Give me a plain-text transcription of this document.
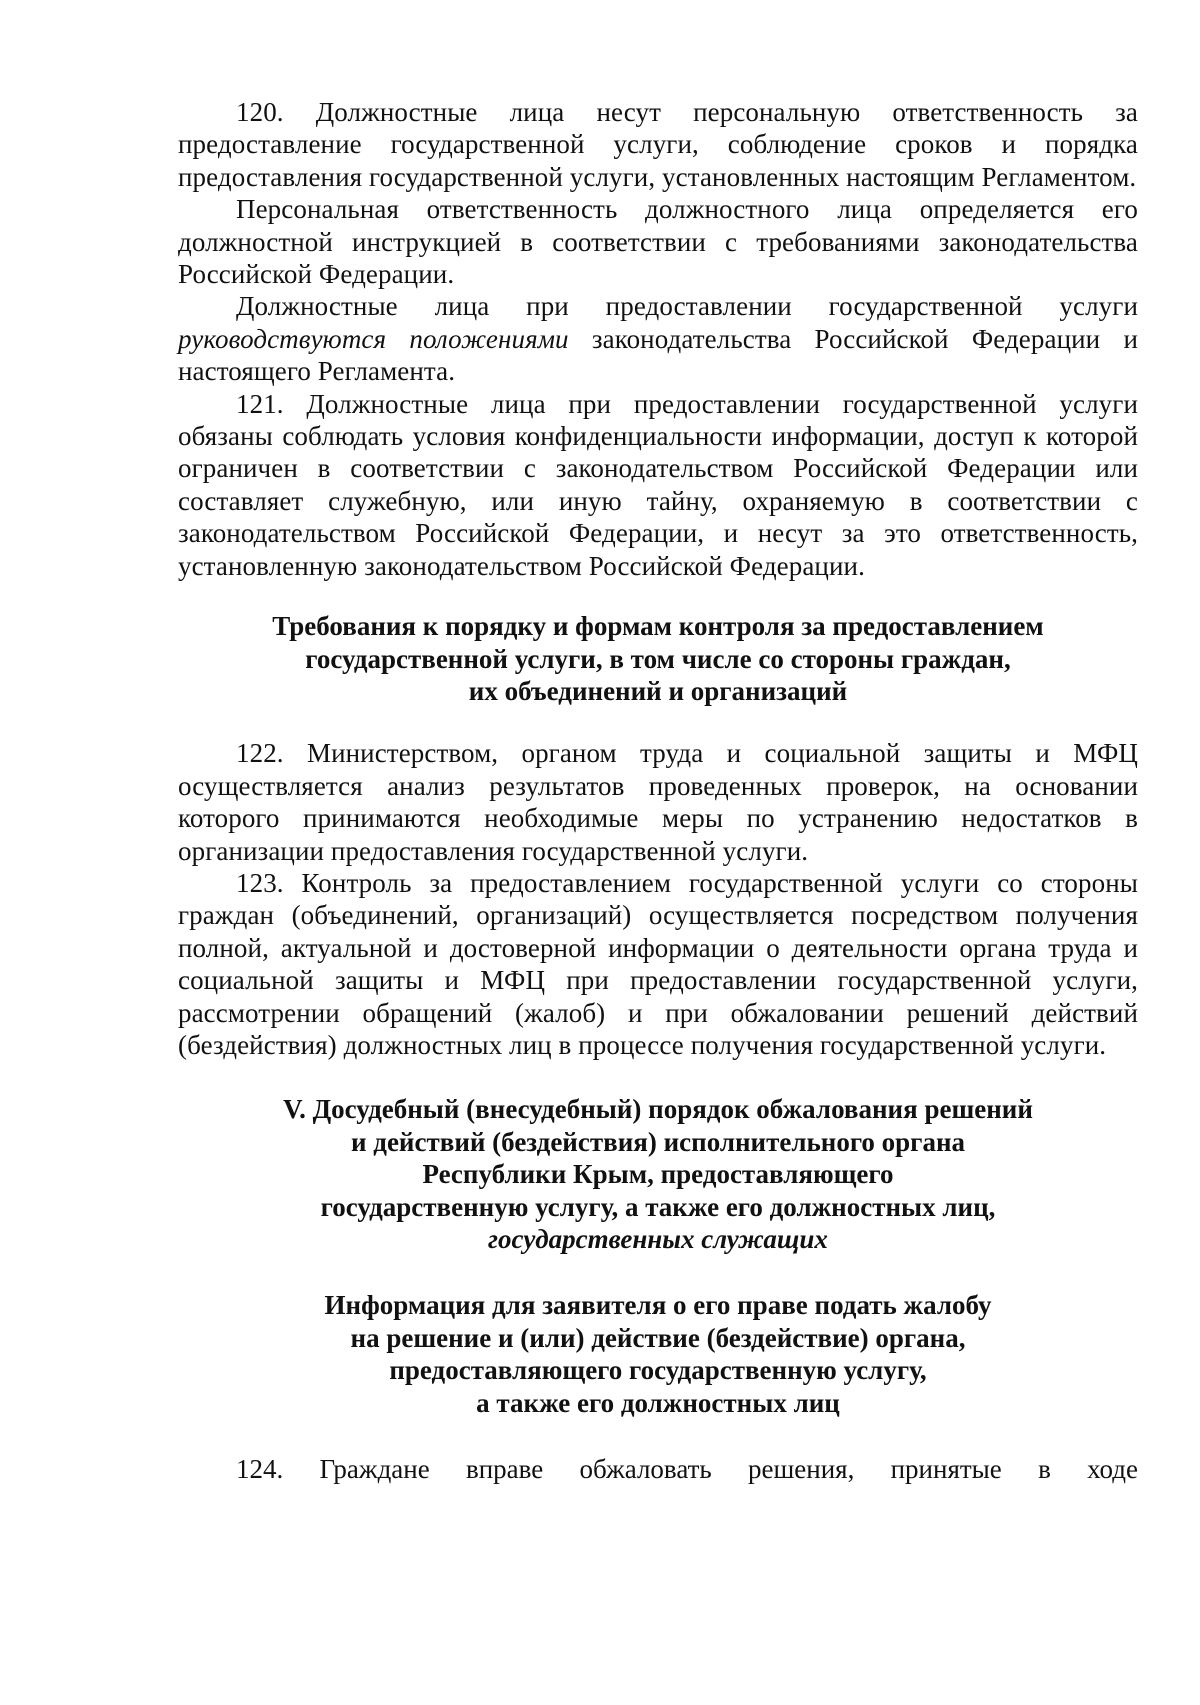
120. Должностные лица несут персональную ответственность за предоставление государственной услуги, соблюдение сроков и порядка предоставления государственной услуги, установленных настоящим Регламентом.

Персональная ответственность должностного лица определяется его должностной инструкцией в соответствии с требованиями законодательства Российской Федерации.

Должностные лица при предоставлении государственной услуги руководствуются положениями законодательства Российской Федерации и настоящего Регламента.

121. Должностные лица при предоставлении государственной услуги обязаны соблюдать условия конфиденциальности информации, доступ к которой ограничен в соответствии с законодательством Российской Федерации или составляет служебную, или иную тайну, охраняемую в соответствии с законодательством Российской Федерации, и несут за это ответственность, установленную законодательством Российской Федерации.

Требования к порядку и формам контроля за предоставлением

государственной услуги, в том числе со стороны граждан,

их объединений и организаций

122. Министерством, органом труда и социальной защиты и МФЦ осуществляется анализ результатов проведенных проверок, на основании которого принимаются необходимые меры по устранению недостатков в организации предоставления государственной услуги.

123. Контроль за предоставлением государственной услуги со стороны граждан (объединений, организаций) осуществляется посредством получения полной, актуальной и достоверной информации о деятельности органа труда и социальной защиты и МФЦ при предоставлении государственной услуги, рассмотрении обращений (жалоб) и при обжаловании решений действий (бездействия) должностных лиц в процессе получения государственной услуги.

V. Досудебный (внесудебный) порядок обжалования решений

и действий (бездействия) исполнительного органа

Республики Крым, предоставляющего

государственную услугу, а также его должностных лиц,

государственных служащих

Информация для заявителя о его праве подать жалобу

на решение и (или) действие (бездействие) органа,

предоставляющего государственную услугу,

а также его должностных лиц

124. Граждане вправе обжаловать решения, принятые в ходе
